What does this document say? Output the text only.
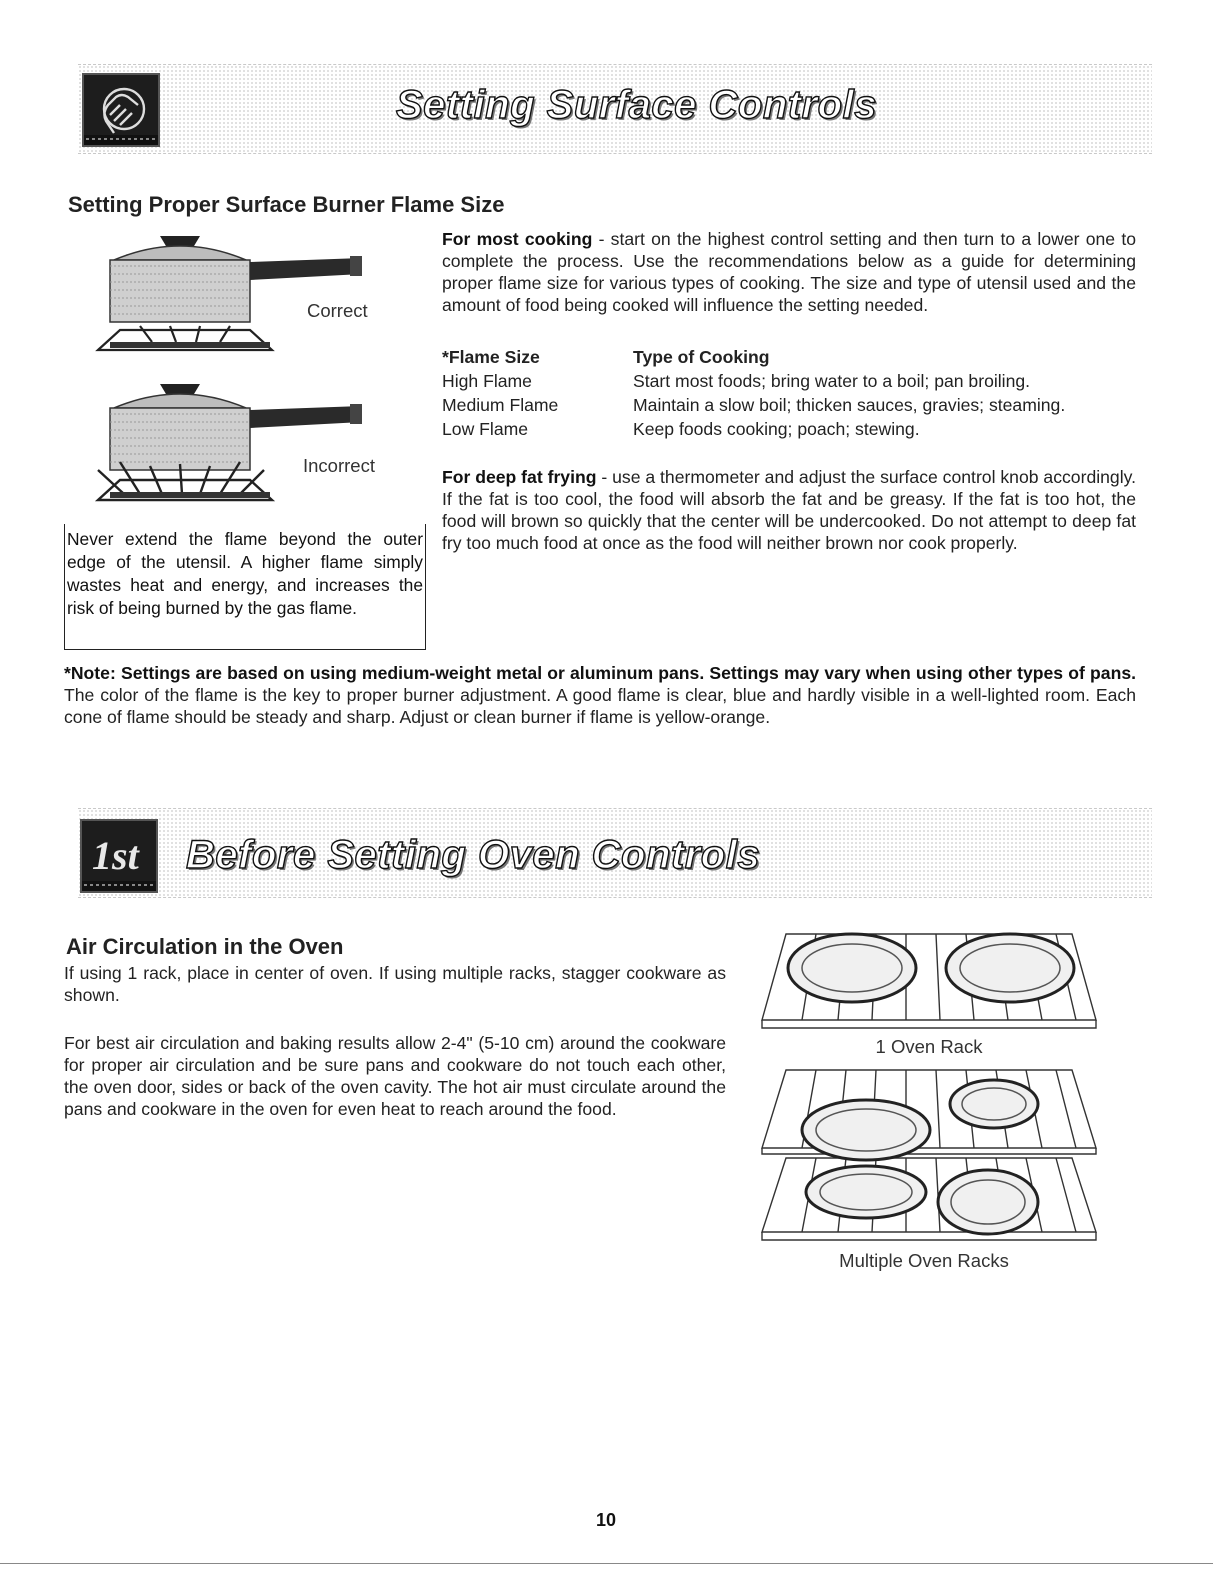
Setting Surface Controls
Setting Proper Surface Burner Flame Size
Correct
Incorrect
Never extend the flame beyond the outer edge of the utensil. A higher flame simply wastes heat and energy, and increases the risk of being burned by the gas flame.
For most cooking - start on the highest control setting and then turn to a lower one to complete the process. Use the recommendations below as a guide for determining proper flame size for various types of cooking. The size and type of utensil used and the amount of food being cooked will influence the setting needed.
*Flame Size	Type of Cooking
High Flame	Start most foods; bring water to a boil; pan broiling.
Medium Flame	Maintain a slow boil; thicken sauces, gravies; steaming.
Low Flame	Keep foods cooking; poach; stewing.
For deep fat frying - use a thermometer and adjust the surface control knob accordingly. If the fat is too cool, the food will absorb the fat and be greasy. If the fat is too hot, the food will brown so quickly that the center will be undercooked. Do not attempt to deep fat fry too much food at once as the food will neither brown nor cook properly.
*Note: Settings are based on using medium-weight metal or aluminum pans. Settings may vary when using other types of pans. The color of the flame is the key to proper burner adjustment. A good flame is clear, blue and hardly visible in a well-lighted room. Each cone of flame should be steady and sharp. Adjust or clean burner if flame is yellow-orange.
1st Before Setting Oven Controls
Air Circulation in the Oven
If using 1 rack, place in center of oven. If using multiple racks, stagger cookware as shown.
For best air circulation and baking results allow 2-4" (5-10 cm) around the cookware for proper air circulation and be sure pans and cookware do not touch each other, the oven door, sides or back of the oven cavity. The hot air must circulate around the pans and cookware in the oven for even heat to reach around the food.
1 Oven Rack
Multiple Oven Racks
10
